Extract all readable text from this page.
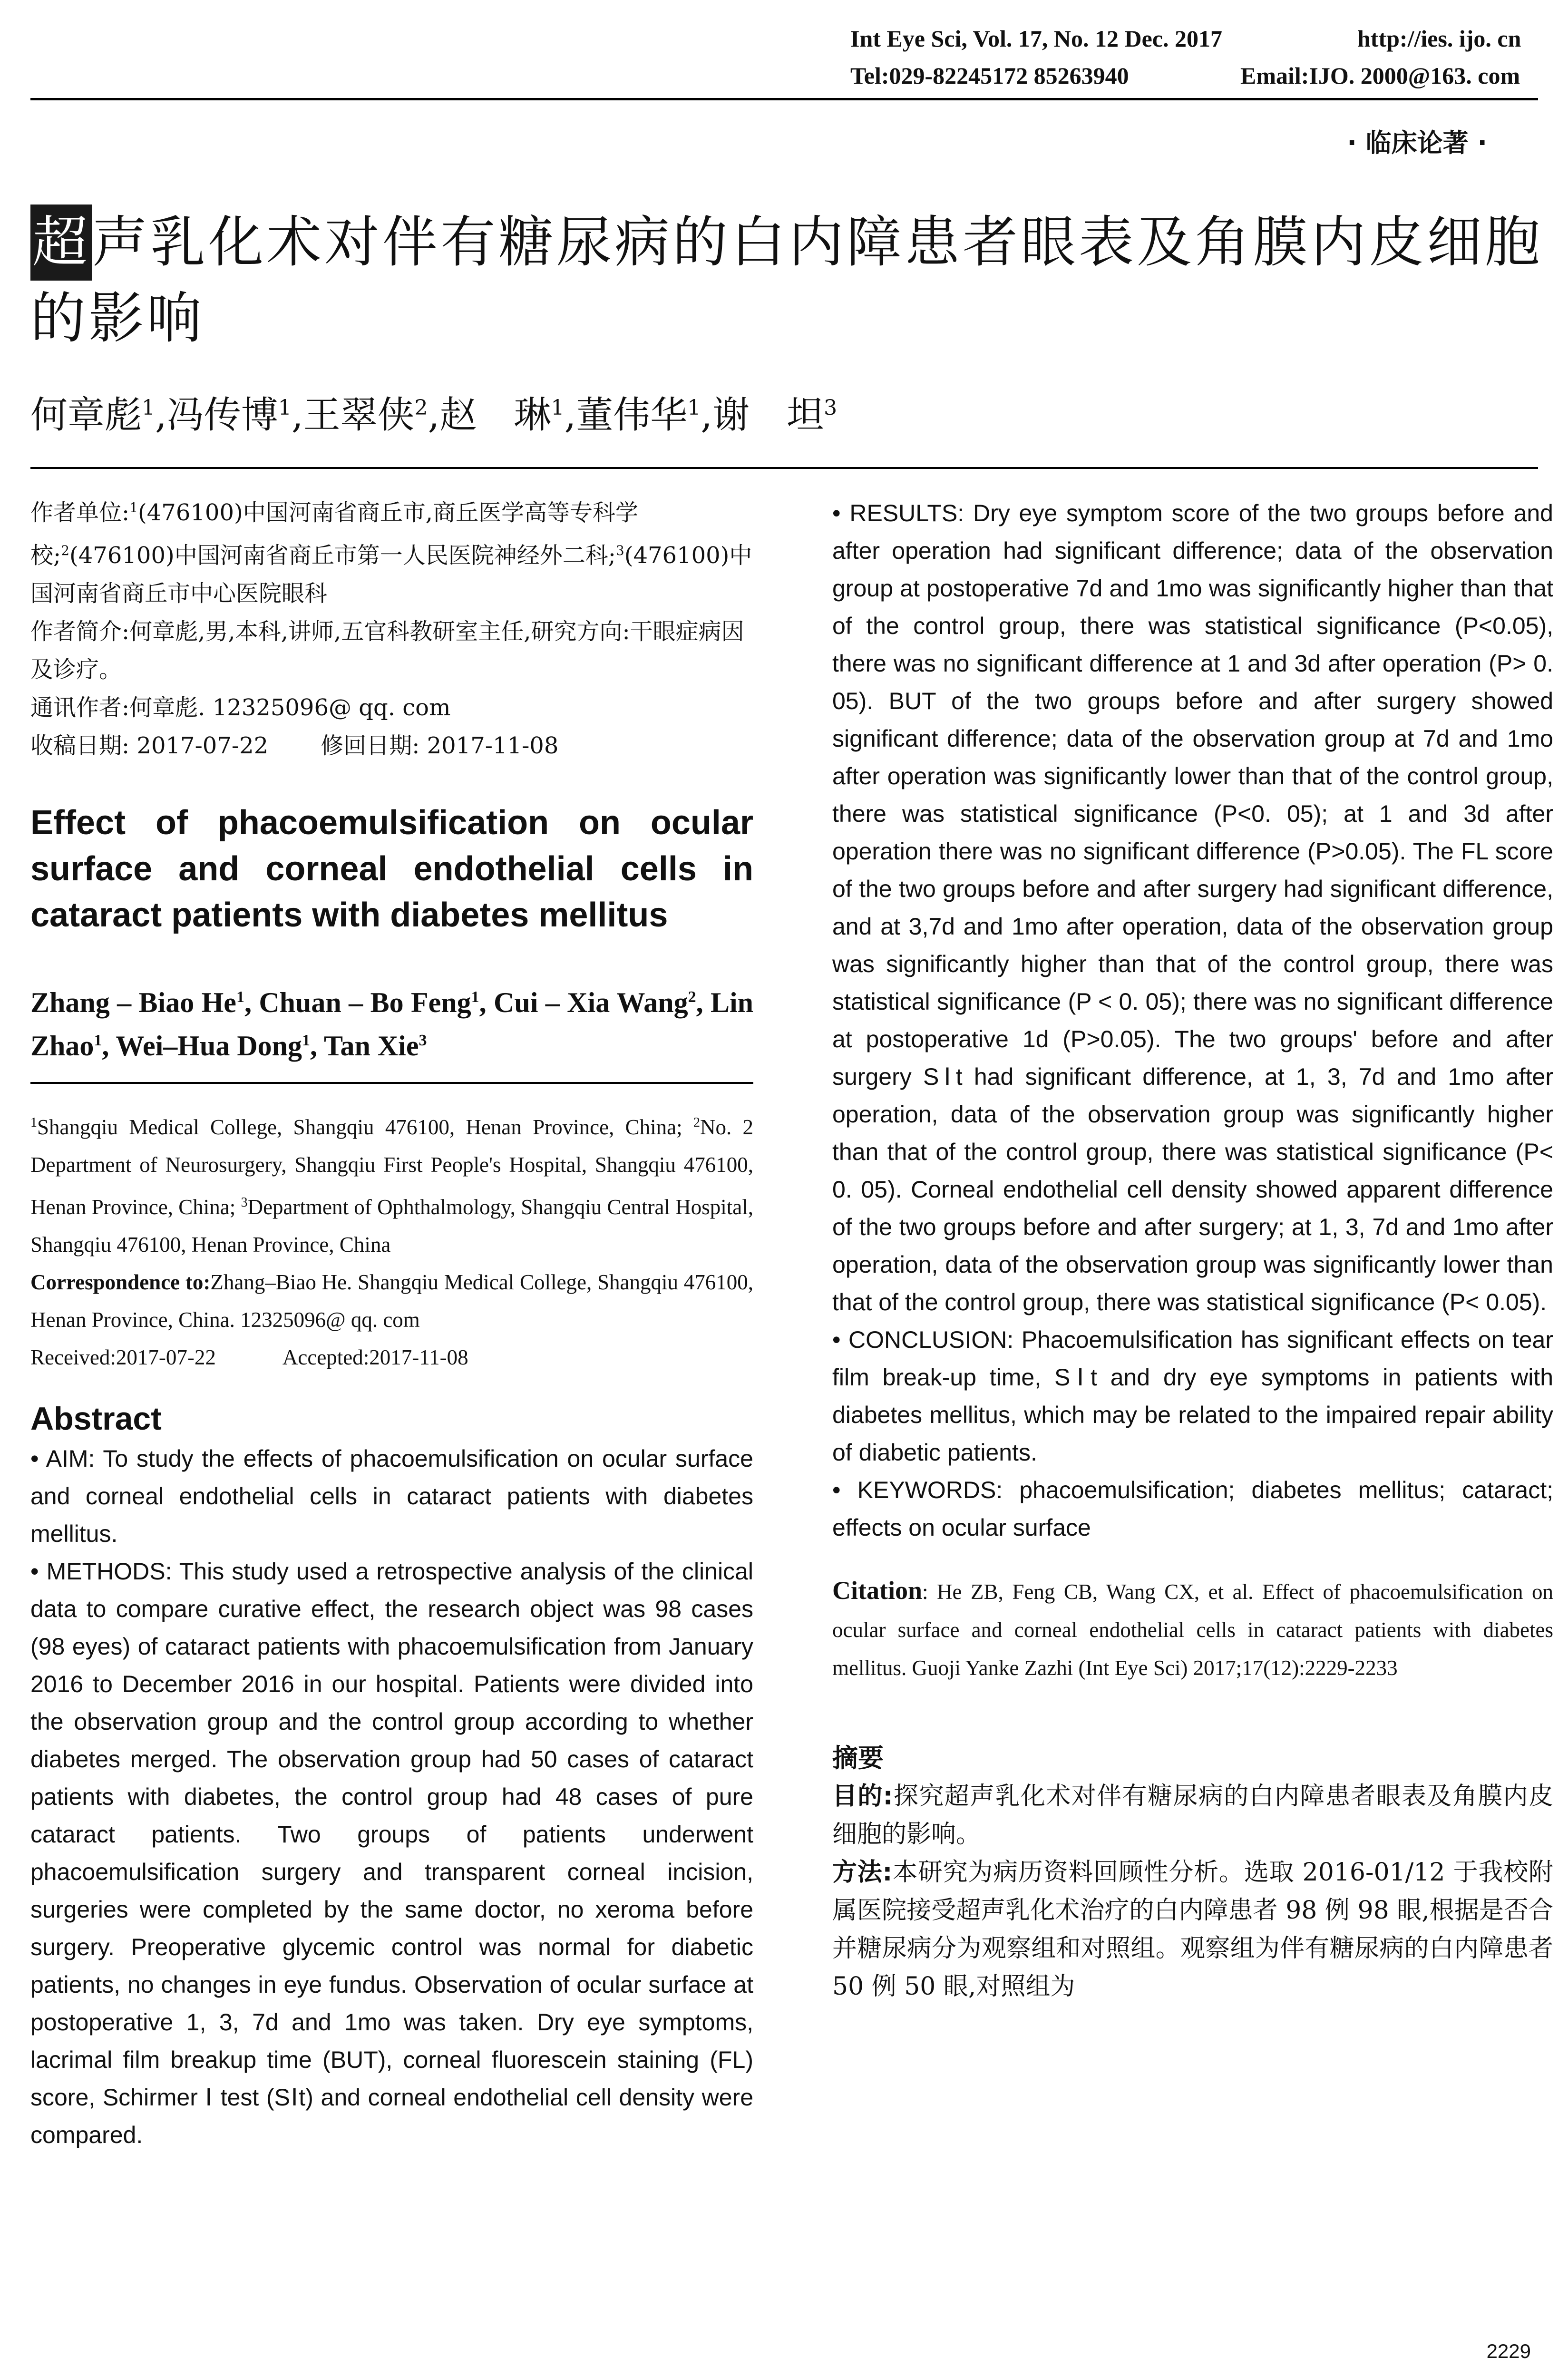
Int Eye Sci, Vol. 17, No. 12 Dec. 2017	http://ies. ijo. cn
Tel:029-82245172 85263940	Email:IJO. 2000@163. com
· 临床论著 ·
超声乳化术对伴有糖尿病的白内障患者眼表及角膜内皮细胞的影响
何章彪$^1$,冯传博$^1$,王翠侠$^2$,赵　琳$^1$,董伟华$^1$,谢　坦$^3$

作者单位:$^1$(476100)中国河南省商丘市,商丘医学高等专科学校;$^2$(476100)中国河南省商丘市第一人民医院神经外二科;$^3$(476100)中国河南省商丘市中心医院眼科

作者简介:何章彪,男,本科,讲师,五官科教研室主任,研究方向:干眼症病因及诊疗。

通讯作者:何章彪. 12325096@ qq. com

收稿日期: 2017-07-22 修回日期: 2017-11-08

Effect of phacoemulsification on ocular surface and corneal endothelial cells in cataract patients with diabetes mellitus
Zhang – Biao He$^1$, Chuan – Bo Feng$^1$, Cui – Xia Wang$^2$, Lin Zhao$^1$, Wei–Hua Dong$^1$, Tan Xie$^3$
$^1$Shangqiu Medical College, Shangqiu 476100, Henan Province, China; $^2$No. 2 Department of Neurosurgery, Shangqiu First People's Hospital, Shangqiu 476100, Henan Province, China; $^3$Department of Ophthalmology, Shangqiu Central Hospital, Shangqiu 476100, Henan Province, China
Correspondence to:Zhang–Biao He. Shangqiu Medical College, Shangqiu 476100, Henan Province, China. 12325096@ qq. com
Received:2017-07-22	Accepted:2017-11-08
Abstract

• AIM: To study the effects of phacoemulsification on ocular surface and corneal endothelial cells in cataract patients with diabetes mellitus.

• METHODS: This study used a retrospective analysis of the clinical data to compare curative effect, the research object was 98 cases (98 eyes) of cataract patients with phacoemulsification from January 2016 to December 2016 in our hospital. Patients were divided into the observation group and the control group according to whether diabetes merged. The observation group had 50 cases of cataract patients with diabetes, the control group had 48 cases of pure cataract patients. Two groups of patients underwent phacoemulsification surgery and transparent corneal incision, surgeries were completed by the same doctor, no xeroma before surgery. Preoperative glycemic control was normal for diabetic patients, no changes in eye fundus. Observation of ocular surface at postoperative 1, 3, 7d and 1mo was taken. Dry eye symptoms, lacrimal film breakup time (BUT), corneal fluorescein staining (FL) score, Schirmer Ⅰ test (SⅠt) and corneal endothelial cell density were compared.

• RESULTS: Dry eye symptom score of the two groups before and after operation had significant difference; data of the observation group at postoperative 7d and 1mo was significantly higher than that of the control group, there was statistical significance (P<0.05), there was no significant difference at 1 and 3d after operation (P> 0. 05). BUT of the two groups before and after surgery showed significant difference; data of the observation group at 7d and 1mo after operation was significantly lower than that of the control group, there was statistical significance (P<0. 05); at 1 and 3d after operation there was no significant difference (P>0.05). The FL score of the two groups before and after surgery had significant difference, and at 3,7d and 1mo after operation, data of the observation group was significantly higher than that of the control group, there was statistical significance (P < 0. 05); there was no significant difference at postoperative 1d (P>0.05). The two groups' before and after surgery SⅠt had significant difference, at 1, 3, 7d and 1mo after operation, data of the observation group was significantly higher than that of the control group, there was statistical significance (P< 0. 05). Corneal endothelial cell density showed apparent difference of the two groups before and after surgery; at 1, 3, 7d and 1mo after operation, data of the observation group was significantly lower than that of the control group, there was statistical significance (P< 0.05).

• CONCLUSION: Phacoemulsification has significant effects on tear film break-up time, SⅠt and dry eye symptoms in patients with diabetes mellitus, which may be related to the impaired repair ability of diabetic patients.

• KEYWORDS: phacoemulsification; diabetes mellitus; cataract; effects on ocular surface

Citation: He ZB, Feng CB, Wang CX, et al. Effect of phacoemulsification on ocular surface and corneal endothelial cells in cataract patients with diabetes mellitus. Guoji Yanke Zazhi (Int Eye Sci) 2017;17(12):2229-2233
摘要

目的:探究超声乳化术对伴有糖尿病的白内障患者眼表及角膜内皮细胞的影响。

方法:本研究为病历资料回顾性分析。选取 2016-01/12 于我校附属医院接受超声乳化术治疗的白内障患者 98 例 98 眼,根据是否合并糖尿病分为观察组和对照组。观察组为伴有糖尿病的白内障患者 50 例 50 眼,对照组为

2229
